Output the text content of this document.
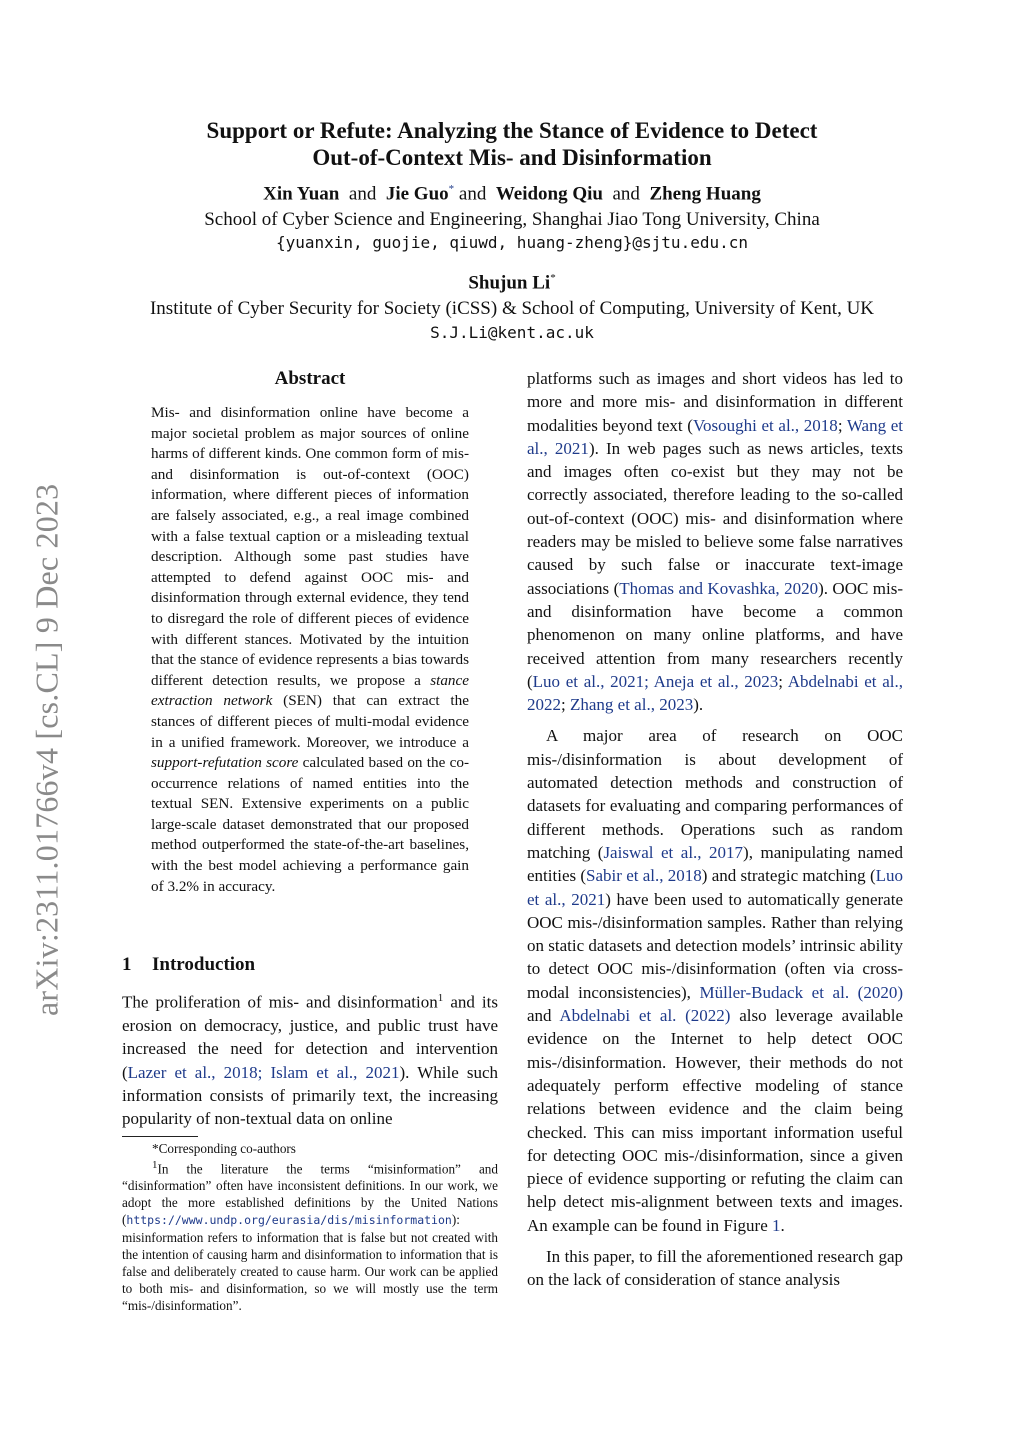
arXiv:2311.01766v4 [cs.CL] 9 Dec 2023
Support or Refute: Analyzing the Stance of Evidence to Detect
Out-of-Context Mis- and Disinformation
Xin Yuan and Jie Guo* and Weidong Qiu and Zheng Huang
School of Cyber Science and Engineering, Shanghai Jiao Tong University, China
{yuanxin, guojie, qiuwd, huang-zheng}@sjtu.edu.cn
Shujun Li*
Institute of Cyber Security for Society (iCSS) & School of Computing, University of Kent, UK
S.J.Li@kent.ac.uk
Abstract
Mis- and disinformation online have become a major societal problem as major sources of online harms of different kinds. One common form of mis- and disinformation is out-of-context (OOC) information, where different pieces of information are falsely associated, e.g., a real image combined with a false textual caption or a misleading textual description. Although some past studies have attempted to defend against OOC mis- and disinformation through external evidence, they tend to disregard the role of different pieces of evidence with different stances. Motivated by the intuition that the stance of evidence represents a bias towards different detection results, we propose a stance extraction network (SEN) that can extract the stances of different pieces of multi-modal evidence in a unified framework. Moreover, we introduce a support-refutation score calculated based on the co-occurrence relations of named entities into the textual SEN. Extensive experiments on a public large-scale dataset demonstrated that our proposed method outperformed the state-of-the-art baselines, with the best model achieving a performance gain of 3.2% in accuracy.
1 Introduction
The proliferation of mis- and disinformation$^1$ and its erosion on democracy, justice, and public trust have increased the need for detection and intervention (Lazer et al., 2018; Islam et al., 2021). While such information consists of primarily text, the increasing popularity of non-textual data on online

*Corresponding co-authors

$^1$In the literature the terms “misinformation” and “disinformation” often have inconsistent definitions. In our work, we adopt the more established definitions by the United Nations (https://www.undp.org/eurasia/dis/misinformation): misinformation refers to information that is false but not created with the intention of causing harm and disinformation to information that is false and deliberately created to cause harm. Our work can be applied to both mis- and disinformation, so we will mostly use the term “mis-/disinformation”.

platforms such as images and short videos has led to more and more mis- and disinformation in different modalities beyond text (Vosoughi et al., 2018; Wang et al., 2021). In web pages such as news articles, texts and images often co-exist but they may not be correctly associated, therefore leading to the so-called out-of-context (OOC) mis- and disinformation where readers may be misled to believe some false narratives caused by such false or inaccurate text-image associations (Thomas and Kovashka, 2020). OOC mis- and disinformation have become a common phenomenon on many online platforms, and have received attention from many researchers recently (Luo et al., 2021; Aneja et al., 2023; Abdelnabi et al., 2022; Zhang et al., 2023).

A major area of research on OOC mis-/disinformation is about development of automated detection methods and construction of datasets for evaluating and comparing performances of different methods. Operations such as random matching (Jaiswal et al., 2017), manipulating named entities (Sabir et al., 2018) and strategic matching (Luo et al., 2021) have been used to automatically generate OOC mis-/disinformation samples. Rather than relying on static datasets and detection models’ intrinsic ability to detect OOC mis-/disinformation (often via cross-modal inconsistencies), Müller-Budack et al. (2020) and Abdelnabi et al. (2022) also leverage available evidence on the Internet to help detect OOC mis-/disinformation. However, their methods do not adequately perform effective modeling of stance relations between evidence and the claim being checked. This can miss important information useful for detecting OOC mis-/disinformation, since a given piece of evidence supporting or refuting the claim can help detect mis-alignment between texts and images. An example can be found in Figure 1.

In this paper, to fill the aforementioned research gap on the lack of consideration of stance analysis
